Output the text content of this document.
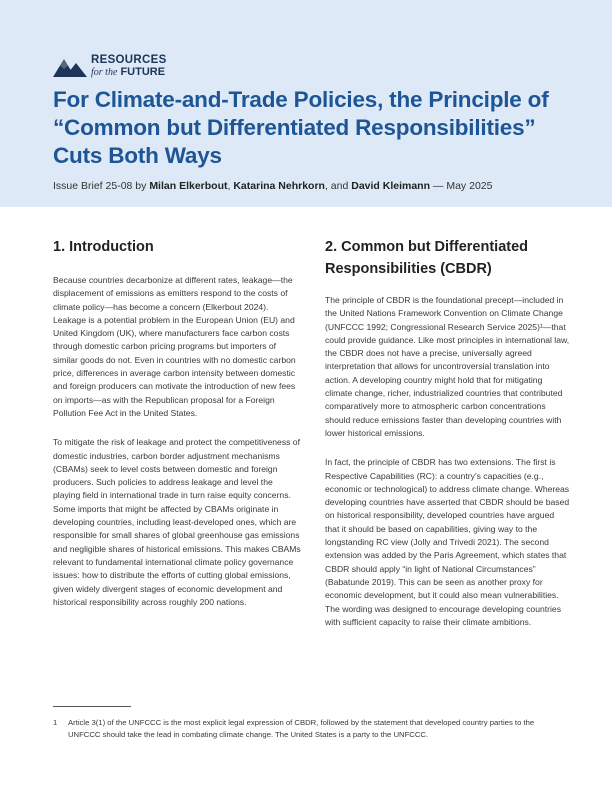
RESOURCES
for the FUTURE
For Climate-and-Trade Policies, the Principle of “Common but Differentiated Responsibilities” Cuts Both Ways
Issue Brief 25-08 by Milan Elkerbout, Katarina Nehrkorn, and David Kleimann — May 2025
1. Introduction

Because countries decarbonize at different rates, leakage—the displacement of emissions as emitters respond to the costs of climate policy—has become a concern (Elkerbout 2024). Leakage is a potential problem in the European Union (EU) and United Kingdom (UK), where manufacturers face carbon costs through domestic carbon pricing programs but importers of similar goods do not. Even in countries with no domestic carbon price, differences in average carbon intensity between domestic and foreign producers can motivate the introduction of new fees on imports—as with the Republican proposal for a Foreign Pollution Fee Act in the United States.

To mitigate the risk of leakage and protect the competitiveness of domestic industries, carbon border adjustment mechanisms (CBAMs) seek to level costs between domestic and foreign producers. Such policies to address leakage and level the playing field in international trade in turn raise equity concerns. Some imports that might be affected by CBAMs originate in developing countries, including least-developed ones, which are responsible for small shares of global greenhouse gas emissions and negligible shares of historical emissions. This makes CBAMs relevant to fundamental international climate policy governance issues: how to distribute the efforts of cutting global emissions, given widely divergent stages of economic development and historical responsibility across roughly 200 nations.

2. Common but Differentiated Responsibilities (CBDR)

The principle of CBDR is the foundational precept—included in the United Nations Framework Convention on Climate Change (UNFCCC 1992; Congressional Research Service 2025)¹—that could provide guidance. Like most principles in international law, the CBDR does not have a precise, universally agreed interpretation that allows for uncontroversial translation into action. A developing country might hold that for mitigating climate change, richer, industrialized countries that contributed comparatively more to atmospheric carbon concentrations should reduce emissions faster than developing countries with lower historical emissions.

In fact, the principle of CBDR has two extensions. The first is Respective Capabilities (RC): a country's capacities (e.g., economic or technological) to address climate change. Whereas developing countries have asserted that CBDR should be based on historical responsibility, developed countries have argued that it should be based on capabilities, giving way to the longstanding RC view (Jolly and Trivedi 2021). The second extension was added by the Paris Agreement, which states that CBDR should apply “in light of National Circumstances” (Babatunde 2019). This can be seen as another proxy for economic development, but it could also mean vulnerabilities. The wording was designed to encourage developing countries with sufficient capacity to raise their climate ambitions.

1 Article 3(1) of the UNFCCC is the most explicit legal expression of CBDR, followed by the statement that developed country parties to the UNFCCC should take the lead in combating climate change. The United States is a party to the UNFCCC.
